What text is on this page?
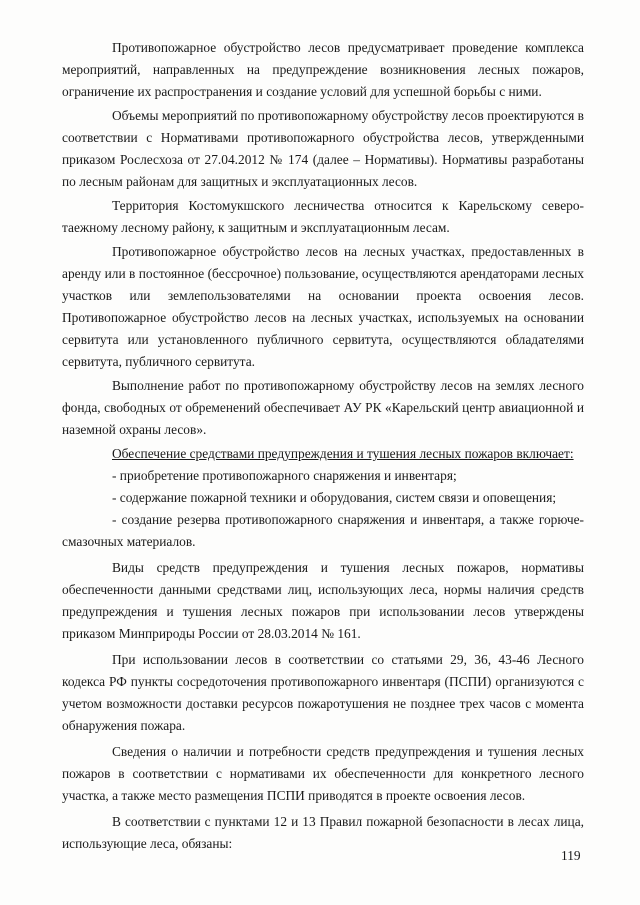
Противопожарное обустройство лесов предусматривает проведение комплекса мероприятий, направленных на предупреждение возникновения лесных пожаров, ограничение их распространения и создание условий для успешной борьбы с ними.

Объемы мероприятий по противопожарному обустройству лесов проектируются в соответствии с Нормативами противопожарного обустройства лесов, утвержденными приказом Рослесхоза от 27.04.2012 № 174 (далее – Нормативы). Нормативы разработаны по лесным районам для защитных и эксплуатационных лесов.

Территория Костомукшского лесничества относится к Карельскому северо-таежному лесному району, к защитным и эксплуатационным лесам.

Противопожарное обустройство лесов на лесных участках, предоставленных в аренду или в постоянное (бессрочное) пользование, осуществляются арендаторами лесных участков или землепользователями на основании проекта освоения лесов. Противопожарное обустройство лесов на лесных участках, используемых на основании сервитута или установленного публичного сервитута, осуществляются обладателями сервитута, публичного сервитута.

Выполнение работ по противопожарному обустройству лесов на землях лесного фонда, свободных от обременений обеспечивает АУ РК «Карельский центр авиационной и наземной охраны лесов».

Обеспечение средствами предупреждения и тушения лесных пожаров включает:

- приобретение противопожарного снаряжения и инвентаря;

- содержание пожарной техники и оборудования, систем связи и оповещения;

- создание резерва противопожарного снаряжения и инвентаря, а также горюче-смазочных материалов.

Виды средств предупреждения и тушения лесных пожаров, нормативы обеспеченности данными средствами лиц, использующих леса, нормы наличия средств предупреждения и тушения лесных пожаров при использовании лесов утверждены приказом Минприроды России от 28.03.2014 № 161.

При использовании лесов в соответствии со статьями 29, 36, 43-46 Лесного кодекса РФ пункты сосредоточения противопожарного инвентаря (ПСПИ) организуются с учетом возможности доставки ресурсов пожаротушения не позднее трех часов с момента обнаружения пожара.

Сведения о наличии и потребности средств предупреждения и тушения лесных пожаров в соответствии с нормативами их обеспеченности для конкретного лесного участка, а также место размещения ПСПИ приводятся в проекте освоения лесов.

В соответствии с пунктами 12 и 13 Правил пожарной безопасности в лесах лица, использующие леса, обязаны:

119
